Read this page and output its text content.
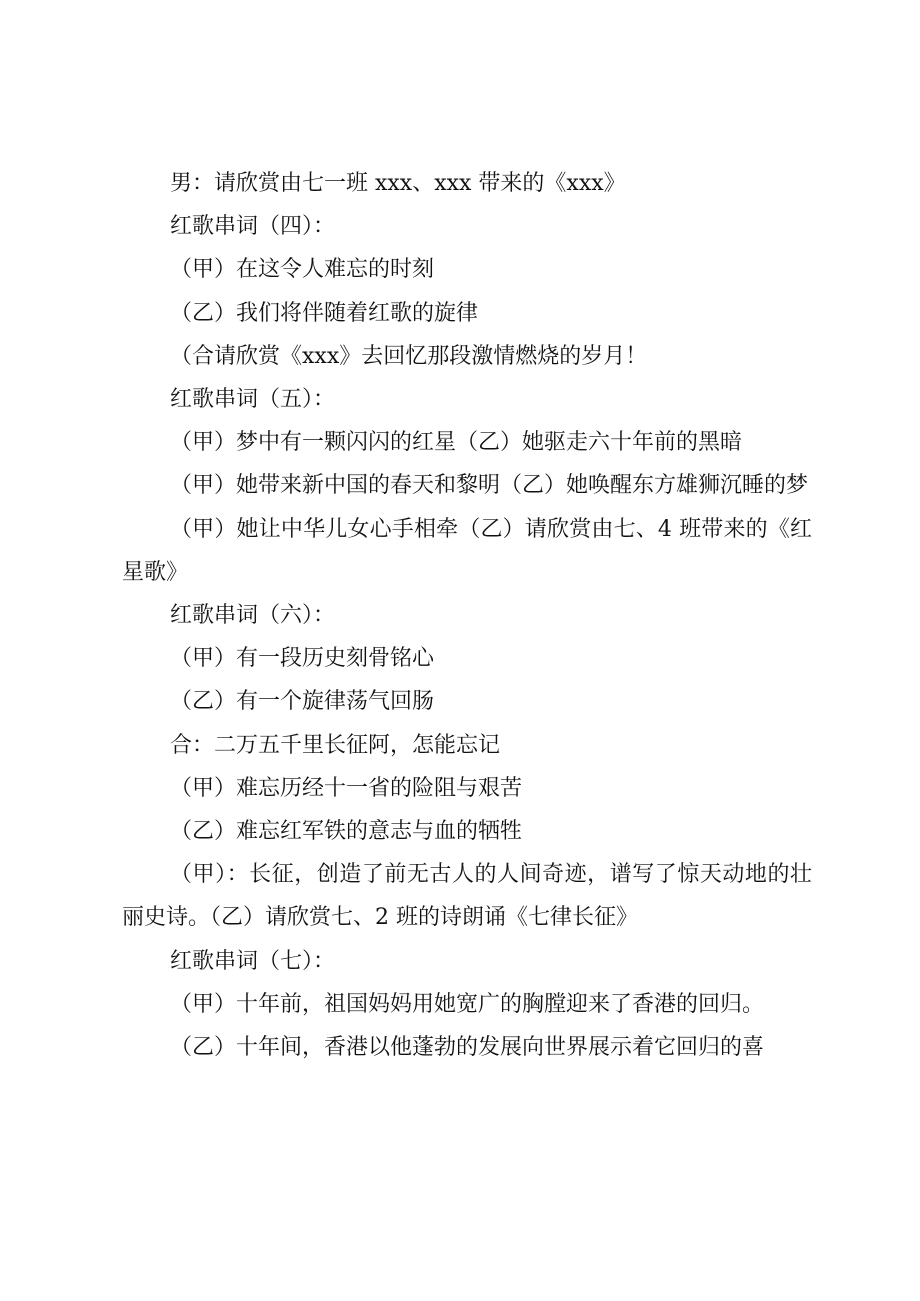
男：请欣赏由七一班 xxx、xxx 带来的《xxx》
红歌串词（四）：
（甲）在这令人难忘的时刻
（乙）我们将伴随着红歌的旋律
（合请欣赏《xxx》去回忆那段激情燃烧的岁月！
红歌串词（五）：
（甲）梦中有一颗闪闪的红星（乙）她驱走六十年前的黑暗
（甲）她带来新中国的春天和黎明（乙）她唤醒东方雄狮沉睡的梦
（甲）她让中华儿女心手相牵（乙）请欣赏由七、4 班带来的《红星歌》
红歌串词（六）：
（甲）有一段历史刻骨铭心
（乙）有一个旋律荡气回肠
合：二万五千里长征阿，怎能忘记
（甲）难忘历经十一省的险阻与艰苦
（乙）难忘红军铁的意志与血的牺牲
（甲）：长征，创造了前无古人的人间奇迹，谱写了惊天动地的壮丽史诗。（乙）请欣赏七、2 班的诗朗诵《七律长征》
红歌串词（七）：
（甲）十年前，祖国妈妈用她宽广的胸膛迎来了香港的回归。
（乙）十年间，香港以他蓬勃的发展向世界展示着它回归的喜
